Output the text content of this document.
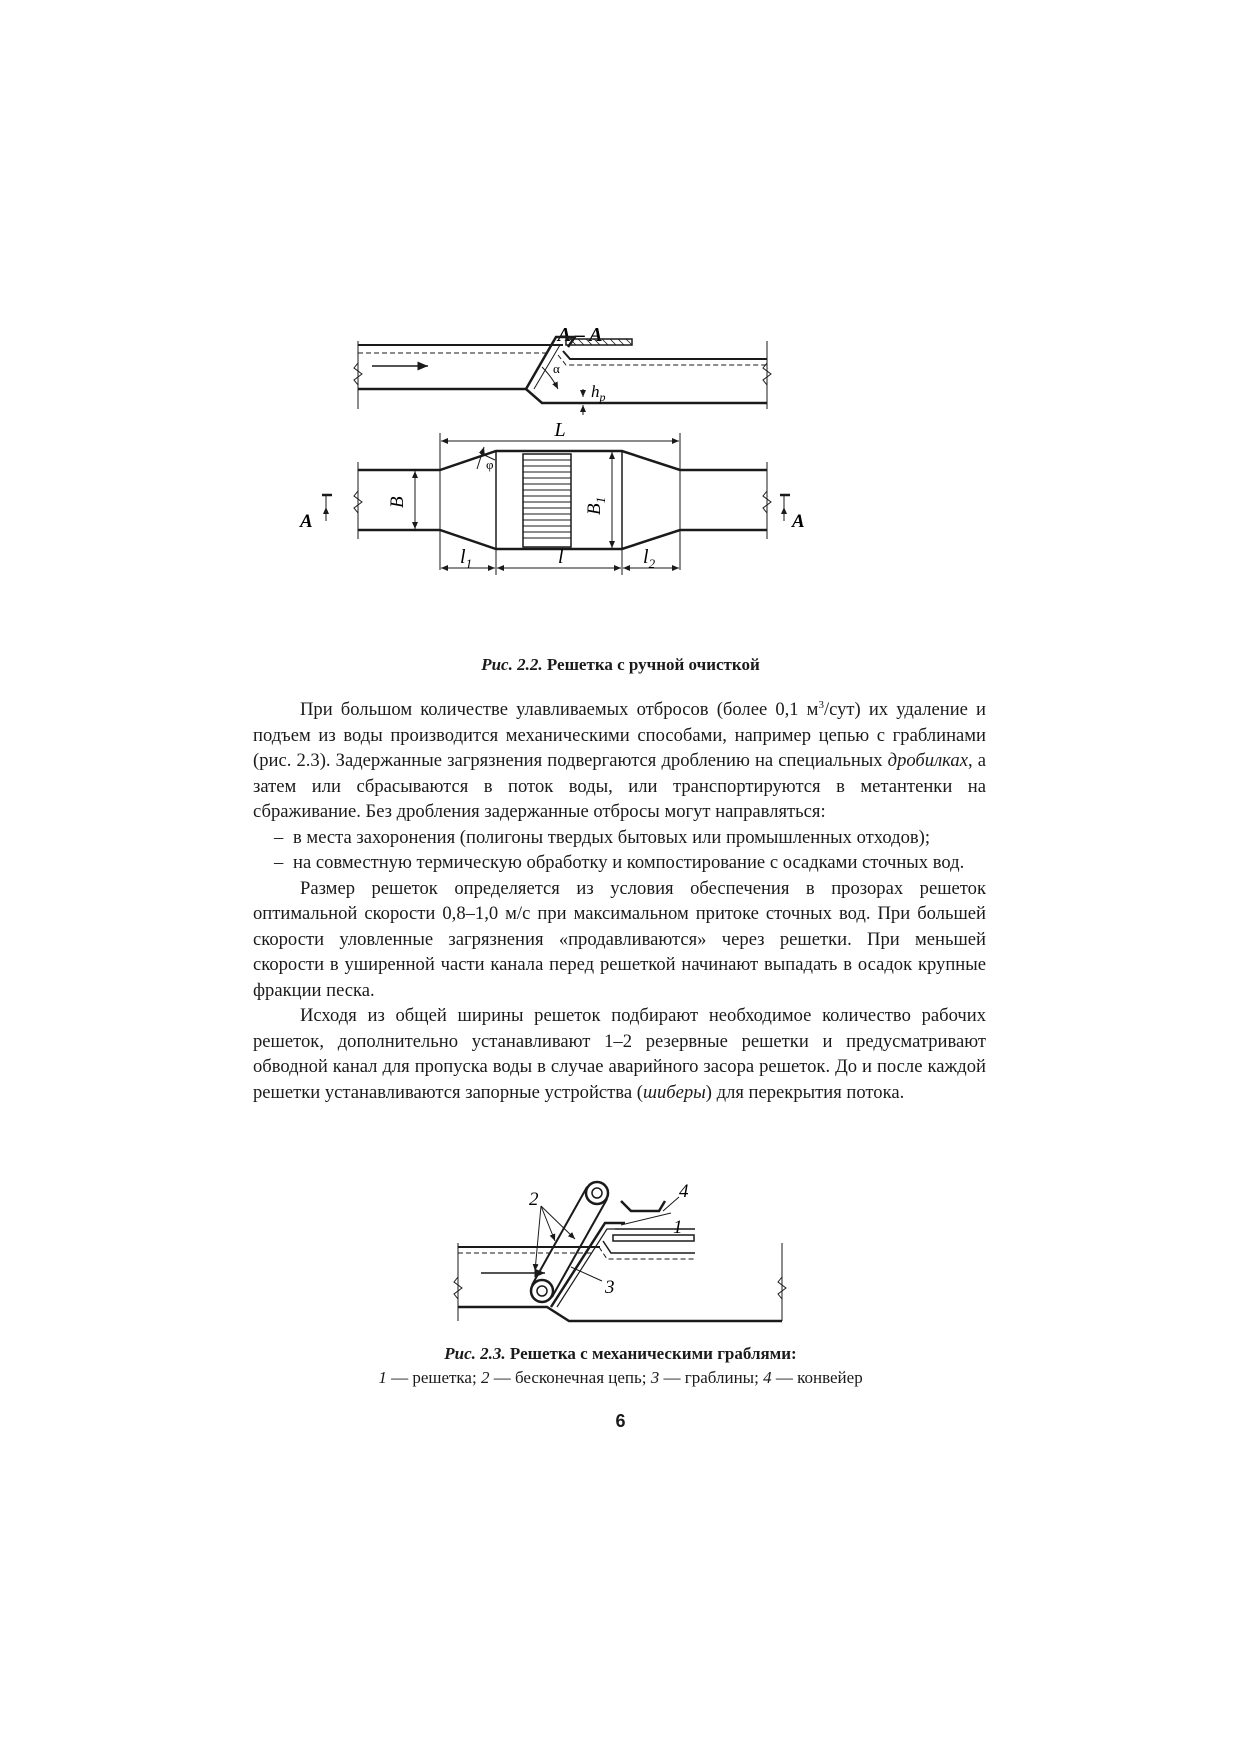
A – A
α
$h_p$
L
φ
B
$B_1$
$l_1$	l	$l_2$
A	A
Рис. 2.2. Решетка с ручной очисткой

При большом количестве улавливаемых отбросов (более 0,1 $м^3/сут$) их удаление и подъем из воды производится механическими способами, например цепью с граблинами (рис. 2.3). Задержанные загрязнения подвергаются дроблению на специальных дробилках, а затем или сбрасываются в поток воды, или транспортируются в метантенки на сбраживание. Без дробления задержанные отбросы могут направляться:

– в места захоронения (полигоны твердых бытовых или промышленных отходов);

– на совместную термическую обработку и компостирование с осадками сточных вод.

Размер решеток определяется из условия обеспечения в прозорах решеток оптимальной скорости 0,8–1,0 м/с при максимальном притоке сточных вод. При большей скорости уловленные загрязнения «продавливаются» через решетки. При меньшей скорости в уширенной части канала перед решеткой начинают выпадать в осадок крупные фракции песка.

Исходя из общей ширины решеток подбирают необходимое количество рабочих решеток, дополнительно устанавливают 1–2 резервные решетки и предусматривают обводной канал для пропуска воды в случае аварийного засора решеток. До и после каждой решетки устанавливаются запорные устройства (шиберы) для перекрытия потока.

2
1
3
4
Рис. 2.3. Решетка с механическими граблями:
1 — решетка; 2 — бесконечная цепь; 3 — граблины; 4 — конвейер
6
